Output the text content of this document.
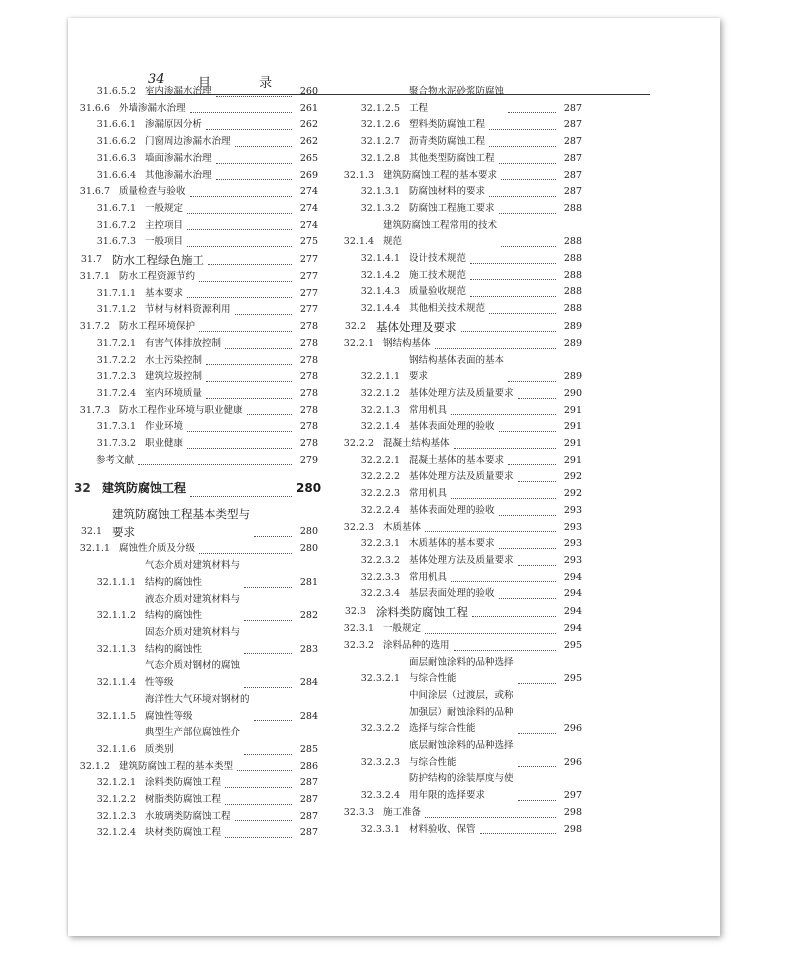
34	目 录
31.6.5.2 室内渗漏水治理	260
31.6.6 外墙渗漏水治理	261
31.6.6.1 渗漏原因分析	262
31.6.6.2 门窗周边渗漏水治理	262
31.6.6.3 墙面渗漏水治理	265
31.6.6.4 其他渗漏水治理	269
31.6.7 质量检查与验收	274
31.6.7.1 一般规定	274
31.6.7.2 主控项目	274
31.6.7.3 一般项目	275
31.7 防水工程绿色施工	277
31.7.1 防水工程资源节约	277
31.7.1.1 基本要求	277
31.7.1.2 节材与材料资源利用	277
31.7.2 防水工程环境保护	278
31.7.2.1 有害气体排放控制	278
31.7.2.2 水土污染控制	278
31.7.2.3 建筑垃圾控制	278
31.7.2.4 室内环境质量	278
31.7.3 防水工程作业环境与职业健康	278
31.7.3.1 作业环境	278
31.7.3.2 职业健康	278
参考文献	279
32 建筑防腐蚀工程	280
32.1
建筑防腐蚀工程基本类型与
要求	280
32.1.1 腐蚀性介质及分级	280
32.1.1.1
气态介质对建筑材料与
结构的腐蚀性	281
32.1.1.2
液态介质对建筑材料与
结构的腐蚀性	282
32.1.1.3
固态介质对建筑材料与
结构的腐蚀性	283
32.1.1.4
气态介质对钢材的腐蚀
性等级	284
32.1.1.5
海洋性大气环境对钢材的
腐蚀性等级	284
32.1.1.6
典型生产部位腐蚀性介
质类别	285
32.1.2 建筑防腐蚀工程的基本类型	286
32.1.2.1 涂料类防腐蚀工程	287
32.1.2.2 树脂类防腐蚀工程	287
32.1.2.3 水玻璃类防腐蚀工程	287
32.1.2.4 块材类防腐蚀工程	287
32.1.2.5
聚合物水泥砂浆防腐蚀
工程	287
32.1.2.6 塑料类防腐蚀工程	287
32.1.2.7 沥青类防腐蚀工程	287
32.1.2.8 其他类型防腐蚀工程	287
32.1.3 建筑防腐蚀工程的基本要求	287
32.1.3.1 防腐蚀材料的要求	287
32.1.3.2 防腐蚀工程施工要求	288
32.1.4
建筑防腐蚀工程常用的技术
规范	288
32.1.4.1 设计技术规范	288
32.1.4.2 施工技术规范	288
32.1.4.3 质量验收规范	288
32.1.4.4 其他相关技术规范	288
32.2 基体处理及要求	289
32.2.1 钢结构基体	289
32.2.1.1
钢结构基体表面的基本
要求	289
32.2.1.2 基体处理方法及质量要求	290
32.2.1.3 常用机具	291
32.2.1.4 基体表面处理的验收	291
32.2.2 混凝土结构基体	291
32.2.2.1 混凝土基体的基本要求	291
32.2.2.2 基体处理方法及质量要求	292
32.2.2.3 常用机具	292
32.2.2.4 基体表面处理的验收	293
32.2.3 木质基体	293
32.2.3.1 木质基体的基本要求	293
32.2.3.2 基体处理方法及质量要求	293
32.2.3.3 常用机具	294
32.2.3.4 基层表面处理的验收	294
32.3 涂料类防腐蚀工程	294
32.3.1 一般规定	294
32.3.2 涂料品种的选用	295
32.3.2.1
面层耐蚀涂料的品种选择
与综合性能	295
32.3.2.2
中间涂层（过渡层，或称
加强层）耐蚀涂料的品种
选择与综合性能	296
32.3.2.3
底层耐蚀涂料的品种选择
与综合性能	296
32.3.2.4
防护结构的涂装厚度与使
用年限的选择要求	297
32.3.3 施工准备	298
32.3.3.1 材料验收、保管	298
